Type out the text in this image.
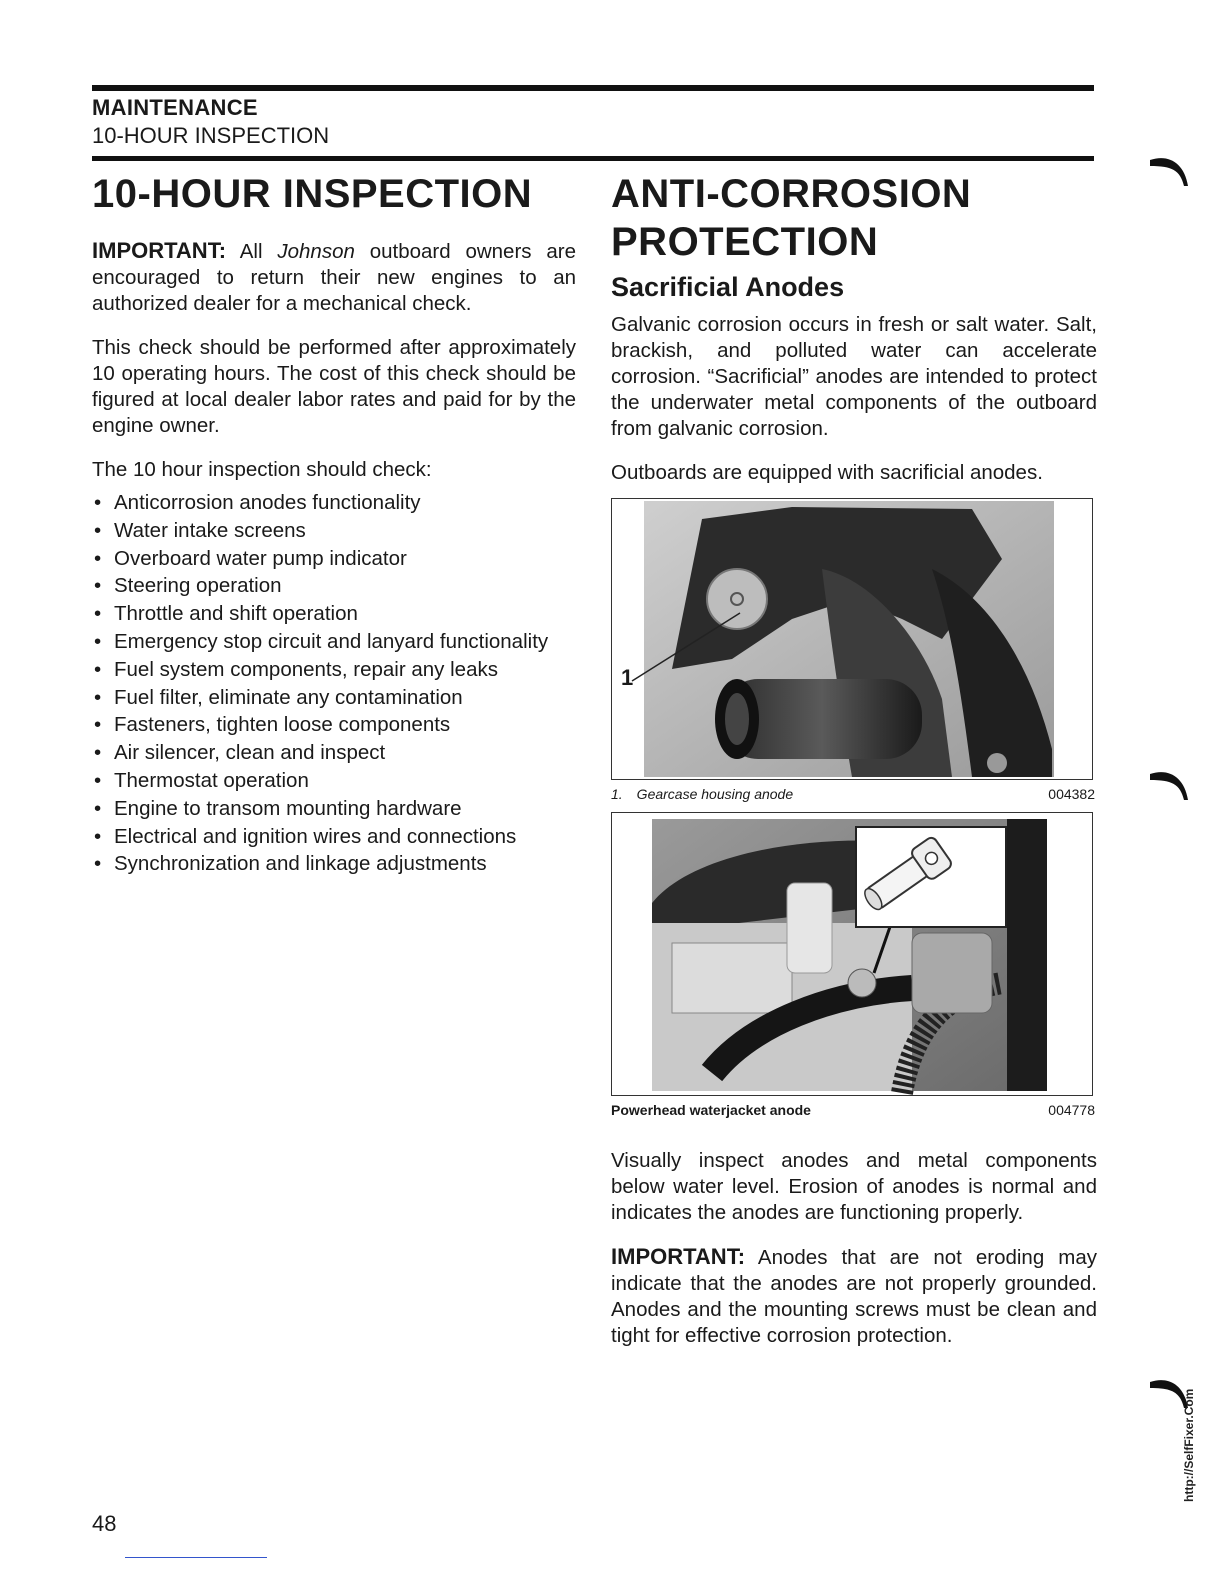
MAINTENANCE
10-HOUR INSPECTION
10-HOUR INSPECTION

IMPORTANT: All Johnson outboard owners are encouraged to return their new engines to an authorized dealer for a mechanical check.

This check should be performed after approximately 10 operating hours. The cost of this check should be figured at local dealer labor rates and paid for by the engine owner.

The 10 hour inspection should check:

• Anticorrosion anodes functionality
• Water intake screens
• Overboard water pump indicator
• Steering operation
• Throttle and shift operation
• Emergency stop circuit and lanyard functionality
• Fuel system components, repair any leaks
• Fuel filter, eliminate any contamination
• Fasteners, tighten loose components
• Air silencer, clean and inspect
• Thermostat operation
• Engine to transom mounting hardware
• Electrical and ignition wires and connections
• Synchronization and linkage adjustments
ANTI-CORROSION
PROTECTION
Sacrificial Anodes

Galvanic corrosion occurs in fresh or salt water. Salt, brackish, and polluted water can accelerate corrosion. “Sacrificial” anodes are intended to protect the underwater metal components of the outboard from galvanic corrosion.

Outboards are equipped with sacrificial anodes.

1
1. Gearcase housing anode	004382
Powerhead waterjacket anode	004778

Visually inspect anodes and metal components below water level. Erosion of anodes is normal and indicates the anodes are functioning properly.

IMPORTANT: Anodes that are not eroding may indicate that the anodes are not properly grounded. Anodes and the mounting screws must be clean and tight for effective corrosion protection.

http://SelfFixer.Com
48
